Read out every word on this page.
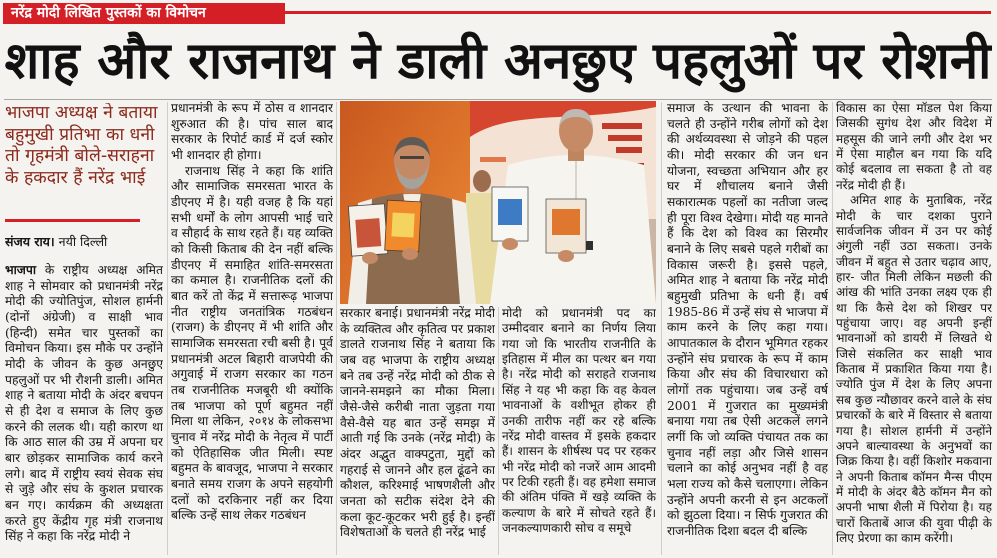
नरेंद्र मोदी लिखित पुस्तकों का विमोचन
शाह और राजनाथ ने डाली अनछुए पहलुओं पर रोशनी
भाजपा अध्यक्ष ने बताया बहुमुखी प्रतिभा का धनी तो गृहमंत्री बोले-सराहना के हकदार हैं नरेंद्र भाई
संजय राय। नयी दिल्ली

भाजपा के राष्ट्रीय अध्यक्ष अमित शाह ने सोमवार को प्रधानमंत्री नरेंद्र मोदी की ज्योतिपुंज, सोशल हार्मनी (दोनों अंग्रेजी) व साक्षी भाव (हिन्दी) समेत चार पुस्तकों का विमोचन किया। इस मौके पर उन्होंने मोदी के जीवन के कुछ अनछुए पहलुओं पर भी रौशनी डाली। अमित शाह ने बताया मोदी के अंदर बचपन से ही देश व समाज के लिए कुछ करने की ललक थी। यही कारण था कि आठ साल की उम्र में अपना घर बार छोड़कर सामाजिक कार्य करने लगे। बाद में राष्ट्रीय स्वयं सेवक संघ से जुड़े और संघ के कुशल प्रचारक बन गए। कार्यक्रम की अध्यक्षता करते हुए केंद्रीय गृह मंत्री राजनाथ सिंह ने कहा कि नरेंद्र मोदी ने

प्रधानमंत्री के रूप में ठोस व शानदार शुरुआत की है। पांच साल बाद सरकार के रिपोर्ट कार्ड में दर्ज स्कोर भी शानदार ही होगा।

राजनाथ सिंह ने कहा कि शांति और सामाजिक समरसता भारत के डीएनए में है। यही वजह है कि यहां सभी धर्मों के लोग आपसी भाई चारे व सौहार्द के साथ रहते हैं। यह व्यक्ति को किसी किताब की देन नहीं बल्कि डीएनए में समाहित शांति-समरसता का कमाल है। राजनीतिक दलों की बात करें तो केंद्र में सत्तारूढ़ भाजपा नीत राष्ट्रीय जनतांत्रिक गठबंधन (राजग) के डीएनए में भी शांति और सामाजिक समरसता रची बसी है। पूर्व प्रधानमंत्री अटल बिहारी वाजपेयी की अगुवाई में राजग सरकार का गठन तब राजनीतिक मजबूरी थी क्योंकि तब भाजपा को पूर्ण बहुमत नहीं मिला था लेकिन, २०१४ के लोकसभा चुनाव में नरेंद्र मोदी के नेतृत्व में पार्टी को ऐतिहासिक जीत मिली। स्पष्ट बहुमत के बावजूद, भाजपा ने सरकार बनाते समय राजग के अपने सहयोगी दलों को दरकिनार नहीं कर दिया बल्कि उन्हें साथ लेकर गठबंधन

सरकार बनाई। प्रधानमंत्री नरेंद्र मोदी के व्यक्तित्व और कृतित्व पर प्रकाश डालते राजनाथ सिंह ने बताया कि जब वह भाजपा के राष्ट्रीय अध्यक्ष बने तब उन्हें नरेंद्र मोदी को ठीक से जानने-समझने का मौका मिला। जैसे-जैसे करीबी नाता जुड़ता गया वैसे-वैसे यह बात उन्हें समझ में आती गई कि उनके (नरेंद्र मोदी) के अंदर अद्भुत वाक्पटुता, मुद्दों को गहराई से जानने और हल ढूंढने का कौशल, करिश्माई भाषणशैली और जनता को सटीक संदेश देने की कला कूट-कूटकर भरी हुई है। इन्हीं विशेषताओं के चलते ही नरेंद्र भाई

मोदी को प्रधानमंत्री पद का उम्मीदवार बनाने का निर्णय लिया गया जो कि भारतीय राजनीति के इतिहास में मील का पत्थर बन गया है। नरेंद्र मोदी को सराहते राजनाथ सिंह ने यह भी कहा कि वह केवल भावनाओं के वशीभूत होकर ही उनकी तारीफ नहीं कर रहे बल्कि नरेंद्र मोदी वास्तव में इसके हकदार हैं। शासन के शीर्षस्थ पद पर रहकर भी नरेंद्र मोदी को नजरें आम आदमी पर टिकी रहती हैं। वह हमेशा समाज की अंतिम पंक्ति में खड़े व्यक्ति के कल्याण के बारे में सोचते रहते हैं। जनकल्याणकारी सोच व समूचे

समाज के उत्थान की भावना के चलते ही उन्होंने गरीब लोगों को देश की अर्थव्यवस्था से जोड़ने की पहल की। मोदी सरकार की जन धन योजना, स्वच्छता अभियान और हर घर में शौचालय बनाने जैसी सकारात्मक पहलों का नतीजा जल्द ही पूरा विश्व देखेगा। मोदी यह मानते हैं कि देश को विश्व का सिरमौर बनाने के लिए सबसे पहले गरीबों का विकास जरूरी है। इससे पहले, अमित शाह ने बताया कि नरेंद्र मोदी बहुमुखी प्रतिभा के धनी हैं। वर्ष 1985-86 में उन्हें संघ से भाजपा में काम करने के लिए कहा गया। आपातकाल के दौरान भूमिगत रहकर उन्होंने संघ प्रचारक के रूप में काम किया और संघ की विचारधारा को लोगों तक पहुंचाया। जब उन्हें वर्ष 2001 में गुजरात का मुख्यमंत्री बनाया गया तब ऐसी अटकलें लगने लगीं कि जो व्यक्ति पंचायत तक का चुनाव नहीं लड़ा और जिसे शासन चलाने का कोई अनुभव नहीं है वह भला राज्य को कैसे चलाएगा। लेकिन उन्होंने अपनी करनी से इन अटकलों को झुठला दिया। न सिर्फ गुजरात की राजनीतिक दिशा बदल दी बल्कि

विकास का ऐसा मॉडल पेश किया जिसकी सुगंध देश और विदेश में महसूस की जाने लगी और देश भर में ऐसा माहौल बन गया कि यदि कोई बदलाव ला सकता है तो वह नरेंद्र मोदी ही हैं।

अमित शाह के मुताबिक, नरेंद्र मोदी के चार दशका पुराने सार्वजनिक जीवन में उन पर कोई अंगुली नहीं उठा सकता। उनके जीवन में बहुत से उतार चढ़ाव आए, हार- जीत मिली लेकिन मछली की आंख की भांति उनका लक्ष्य एक ही था कि कैसे देश को शिखर पर पहुंचाया जाए। वह अपनी इन्हीं भावनाओं को डायरी में लिखते थे जिसे संकलित कर साक्षी भाव किताब में प्रकाशित किया गया है। ज्योति पुंज में देश के लिए अपना सब कुछ न्यौछावर करने वाले के संघ प्रचारकों के बारे में विस्तार से बताया गया है। सोशल हार्मनी में उन्होंने अपने बाल्यावस्था के अनुभवों का जिक्र किया है। वहीं किशोर मकवाना ने अपनी किताब कॉमन मैन्स पीएम में मोदी के अंदर बैठे कॉमन मैन को अपनी भाषा शैली में पिरोया है। यह चारों किताबें आज की युवा पीढ़ी के लिए प्रेरणा का काम करेंगी।
